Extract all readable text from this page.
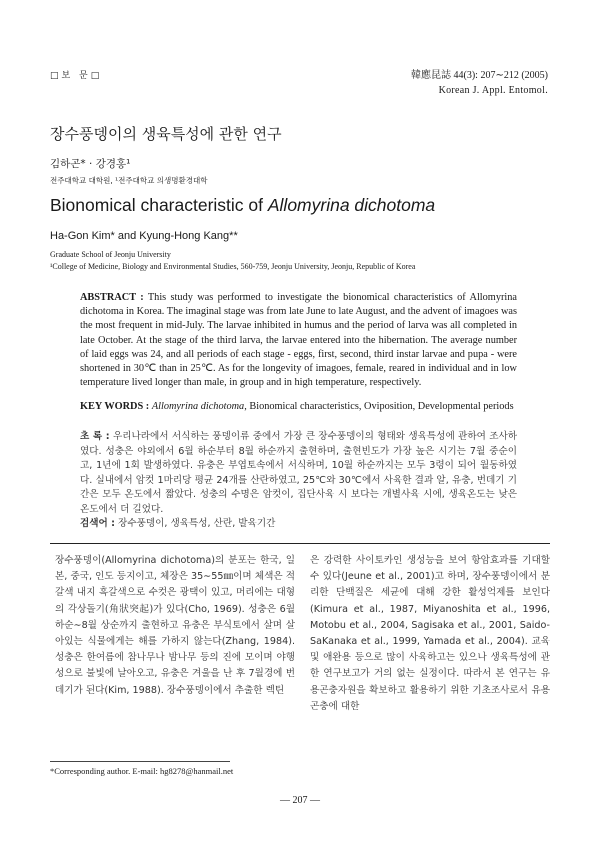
□보 문□	韓應昆誌 44(3): 207∼212 (2005)
Korean J. Appl. Entomol.
장수풍뎅이의 생육특성에 관한 연구
김하곤* · 강경홍¹
전주대학교 대학원, ¹전주대학교 의생명환경대학
Bionomical characteristic of Allomyrina dichotoma
Ha-Gon Kim* and Kyung-Hong Kang**
Graduate School of Jeonju University
¹College of Medicine, Biology and Environmental Studies, 560-759, Jeonju University, Jeonju, Republic of Korea
ABSTRACT : This study was performed to investigate the bionomical characteristics of Allomyrina dichotoma in Korea. The imaginal stage was from late June to late August, and the advent of imagoes was the most frequent in mid-July. The larvae inhibited in humus and the period of larva was all completed in late October. At the stage of the third larva, the larvae entered into the hibernation. The average number of laid eggs was 24, and all periods of each stage - eggs, first, second, third instar larvae and pupa - were shortened in 30℃ than in 25℃. As for the longevity of imagoes, female, reared in individual and in low temperature lived longer than male, in group and in high temperature, respectively.
KEY WORDS : Allomyrina dichotoma, Bionomical characteristics, Oviposition, Developmental periods
초 록 : 우리나라에서 서식하는 풍뎅이류 중에서 가장 큰 장수풍뎅이의 형태와 생육특성에 관하여 조사하였다. 성충은 야외에서 6월 하순부터 8월 하순까지 출현하며, 출현빈도가 가장 높은 시기는 7월 중순이고, 1년에 1회 발생하였다. 유충은 부엽토속에서 서식하며, 10월 하순까지는 모두 3령이 되어 월동하였다. 실내에서 암컷 1마리당 평균 24개를 산란하였고, 25℃와 30℃에서 사육한 결과 알, 유충, 번데기 기간은 모두 온도에서 짧았다. 성충의 수명은 암컷이, 집단사육 시 보다는 개별사육 시에, 생육온도는 낮은 온도에서 더 길었다.
검색어 : 장수풍뎅이, 생육특성, 산란, 발육기간
장수풍뎅이(Allomyrina dichotoma)의 분포는 한국, 일본, 중국, 인도 등지이고, 체장은 35∼55㎜이며 체색은 적갈색 내지 흑갈색으로 수컷은 광택이 있고, 머리에는 대형의 각상돌기(角狀突起)가 있다(Cho, 1969). 성충은 6월 하순∼8월 상순까지 출현하고 유충은 부식토에서 살며 살아있는 식물에게는 해를 가하지 않는다(Zhang, 1984). 성충은 한여름에 참나무나 밤나무 등의 진에 모이며 야행성으로 불빛에 날아오고, 유충은 겨울을 난 후 7월경에 번데기가 된다(Kim, 1988). 장수풍뎅이에서 추출한 렉틴
은 강력한 사이토카인 생성능을 보여 항암효과를 기대할 수 있다(Jeune et al., 2001)고 하며, 장수풍뎅이에서 분리한 단백질은 세균에 대해 강한 활성억제를 보인다(Kimura et al., 1987, Miyanoshita et al., 1996, Motobu et al., 2004, Sagisaka et al., 2001, Saido-SaKanaka et al., 1999, Yamada et al., 2004). 교육 및 애완용 등으로 많이 사육하고는 있으나 생육특성에 관한 연구보고가 거의 없는 실정이다. 따라서 본 연구는 유용곤충자원을 확보하고 활용하기 위한 기초조사로서 유용곤충에 대한
*Corresponding author. E-mail: hg8278@hanmail.net
— 207 —
